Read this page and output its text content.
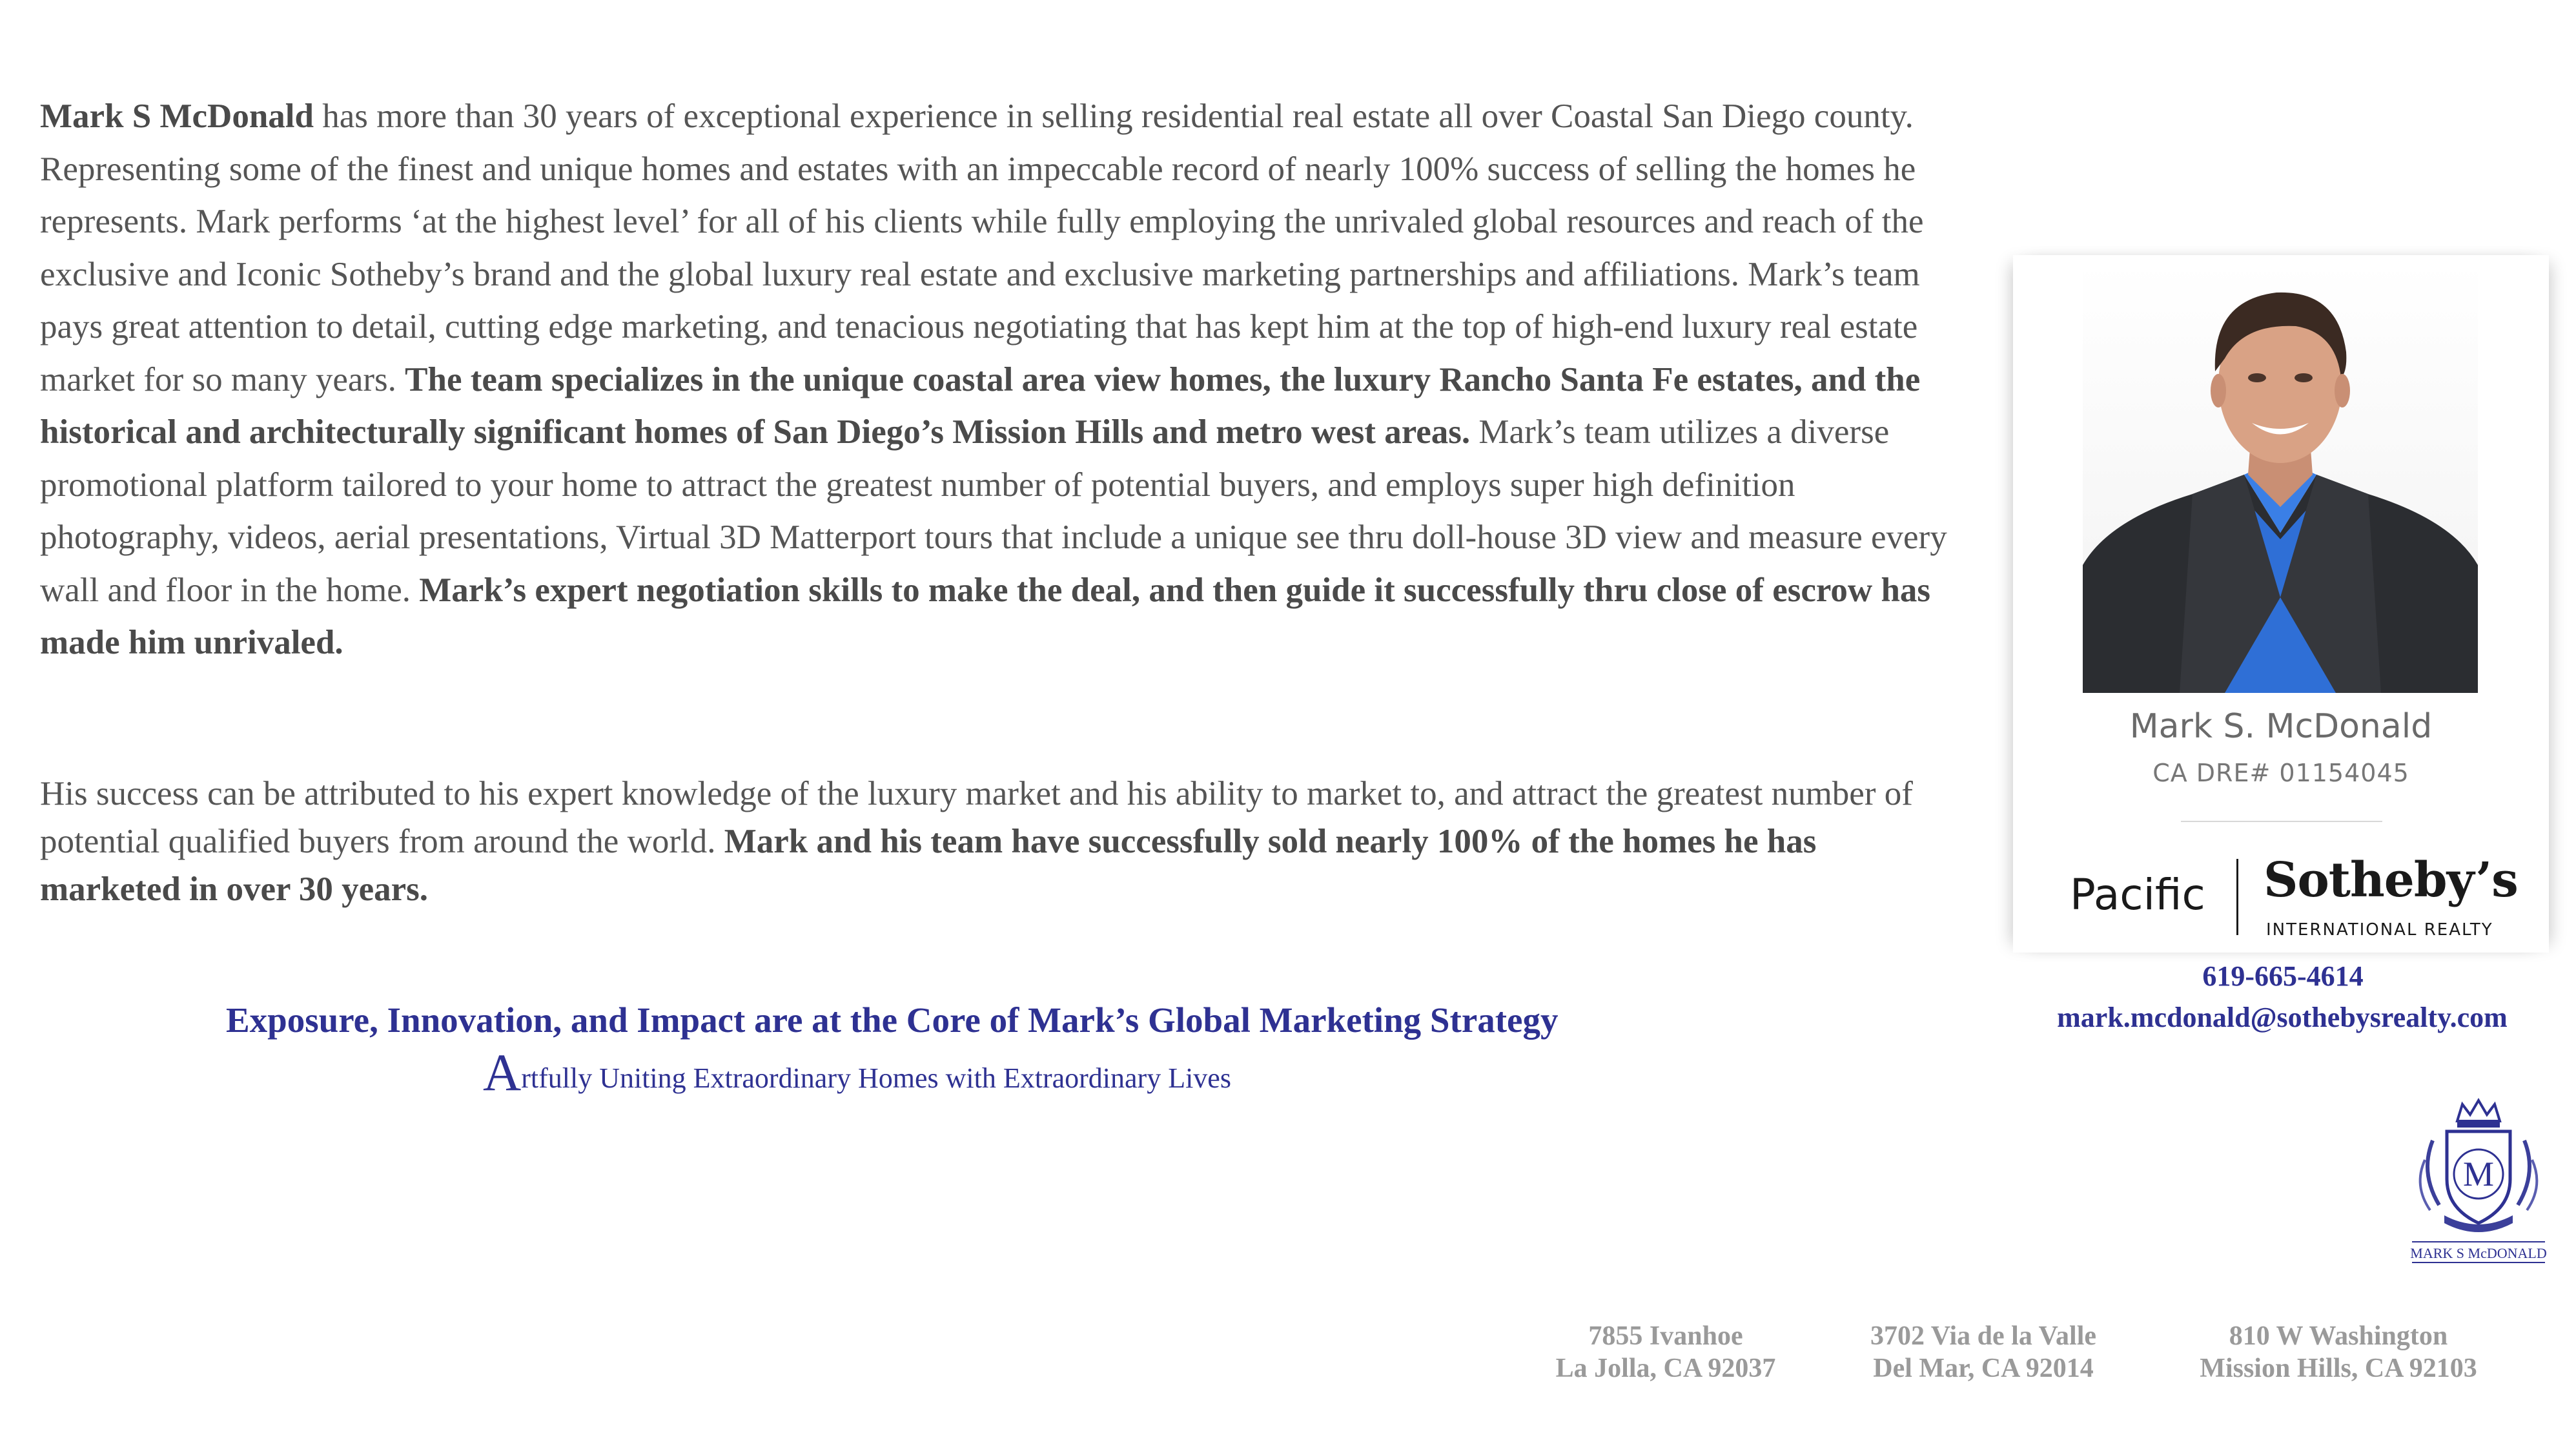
Mark S McDonald has more than 30 years of exceptional experience in selling residential real estate all over Coastal San Diego county. Representing some of the finest and unique homes and estates with an impeccable record of nearly 100% success of selling the homes he represents. Mark performs ‘at the highest level’ for all of his clients while fully employing the unrivaled global resources and reach of the exclusive and Iconic Sotheby’s brand and the global luxury real estate and exclusive marketing partnerships and affiliations. Mark’s team pays great attention to detail, cutting edge marketing, and tenacious negotiating that has kept him at the top of high-end luxury real estate market for so many years. The team specializes in the unique coastal area view homes, the luxury Rancho Santa Fe estates, and the historical and architecturally significant homes of San Diego’s Mission Hills and metro west areas. Mark’s team utilizes a diverse promotional platform tailored to your home to attract the greatest number of potential buyers, and employs super high definition photography, videos, aerial presentations, Virtual 3D Matterport tours that include a unique see thru doll-house 3D view and measure every wall and floor in the home. Mark’s expert negotiation skills to make the deal, and then guide it successfully thru close of escrow has made him unrivaled.

His success can be attributed to his expert knowledge of the luxury market and his ability to market to, and attract the greatest number of potential qualified buyers from around the world. Mark and his team have successfully sold nearly 100% of the homes he has marketed in over 30 years.

Exposure, Innovation, and Impact are at the Core of Mark’s Global Marketing Strategy
Artfully Uniting Extraordinary Homes with Extraordinary Lives
Mark S. McDonald
CA DRE# 01154045
Pacific Sotheby’s
INTERNATIONAL REALTY
619-665-4614
mark.mcdonald@sothebysrealty.com
M
MARK S McDONALD
7855 Ivanhoe
La Jolla, CA 92037
3702 Via de la Valle
Del Mar, CA 92014
810 W Washington
Mission Hills, CA 92103
